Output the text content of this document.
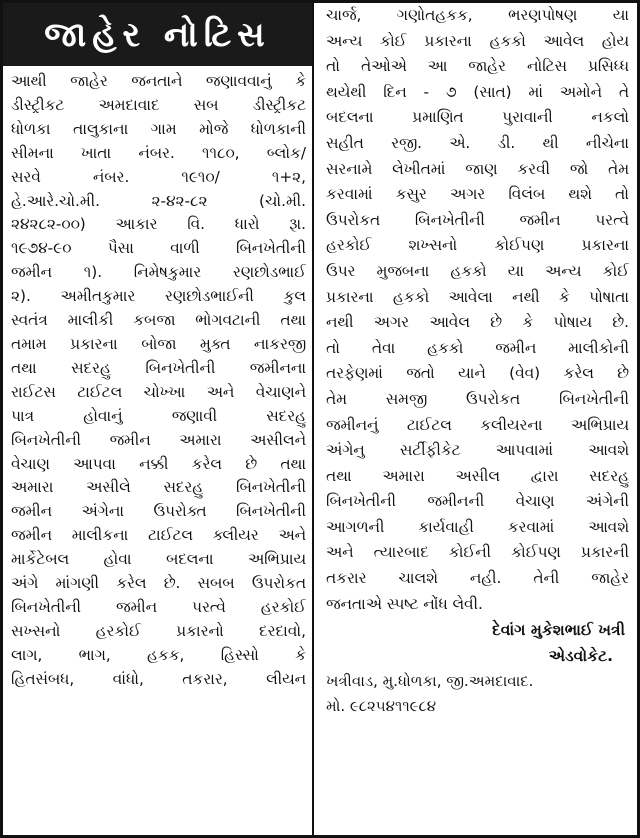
જાહેર નોટિસ
આથી જાહેર જનતાને જણાવવાનું કે
ડીસ્ટ્રીકટ અમદાવાદ સબ ડીસ્ટ્રીકટ
ધોળકા તાલુકાના ગામ મોજે ધોળકાની
સીમના ખાતા નંબર. ૧૧૮૦, બ્લોક/
સરવે નંબર. ૧૯૧૦/ ૧+૨,
હે.આરે.ચો.મી. ૨-૪૨-૮૨ (ચો.મી.
૨૪૨૮૨-૦૦) આકાર વિ. ધારો રૂા.
૧૯૭૪-૯૦ પૈસા વાળી બિનખેતીની
જમીન ૧). નિમેષકુમાર રણછોડભાઈ
૨). અમીતકુમાર રણછોડભાઈની કુલ
સ્વતંત્ર માલીકી કબજા ભોગવટાની તથા
તમામ પ્રકારના બોજા મુક્ત નાકરજી
તથા સદરહુ બિનખેતીની જમીનના
રાઈટસ ટાઈટલ ચોખ્ખા અને વેચાણને
પાત્ર હોવાનું જણાવી સદરહુ
બિનખેતીની જમીન અમારા અસીલને
વેચાણ આપવા નક્કી કરેલ છે તથા
અમારા અસીલે સદરહુ બિનખેતીની
જમીન અંગેના ઉપરોક્ત બિનખેતીની
જમીન માલીકના ટાઈટલ ક્લીયર અને
માર્કેટેબલ હોવા બદલના અભિપ્રાય
અંગે માંગણી કરેલ છે. સબબ ઉપરોકત
બિનખેતીની જમીન પરત્વે હરકોઈ
સખ્સનો હરકોઈ પ્રકારનો દરદાવો,
લાગ, ભાગ, હકક, હિસ્સો કે
હિતસંબધ, વાંધો, તકરાર, લીયન
ચાર્જ, ગણોતહકક, ભરણપોષણ યા
અન્ય કોઈ પ્રકારના હકકો આવેલ હોય
તો તેઓએ આ જાહેર નોટિસ પ્રસિધ્ધ
થયેથી દિન - ૭ (સાત) માં અમોને તે
બદલના પ્રમાણિત પુરાવાની નકલો
સહીત રજી. એ. ડી. થી નીચેના
સરનામે લેખીતમાં જાણ કરવી જો તેમ
કરવામાં કસુર અગર વિલંબ થશે તો
ઉપરોકત બિનખેતીની જમીન પરત્વે
હરકોઈ શખ્સનો કોઈપણ પ્રકારના
ઉપર મુજબના હકકો યા અન્ય કોઈ
પ્રકારના હકકો આવેલા નથી કે પોષાતા
નથી અગર આવેલ છે કે પોષાય છે.
તો તેવા હકકો જમીન માલીકોની
તરફેણમાં જતો યાને (વેવ) કરેલ છે
તેમ સમજી ઉપરોકત બિનખેતીની
જમીનનું ટાઈટલ કલીયરના અભિપ્રાય
અંગેનુ સર્ટીફીકેટ આપવામાં આવશે
તથા અમારા અસીલ દ્વારા સદરહુ
બિનખેતીની જમીનની વેચાણ અંગેની
આગળની કાર્યવાહી કરવામાં આવશે
અને ત્યારબાદ કોઈની કોઈપણ પ્રકારની
તકરાર ચાલશે નહી. તેની જાહેર
જનતાએ સ્પષ્ટ નોંધ લેવી.
દેવાંગ મુકેશભાઈ ખત્રી
એડવોકેટ.
ખત્રીવાડ, મુ.ધોળકા, જી.અમદાવાદ.
મો. ૯૮૨૫૪૧૧૯૮૪
